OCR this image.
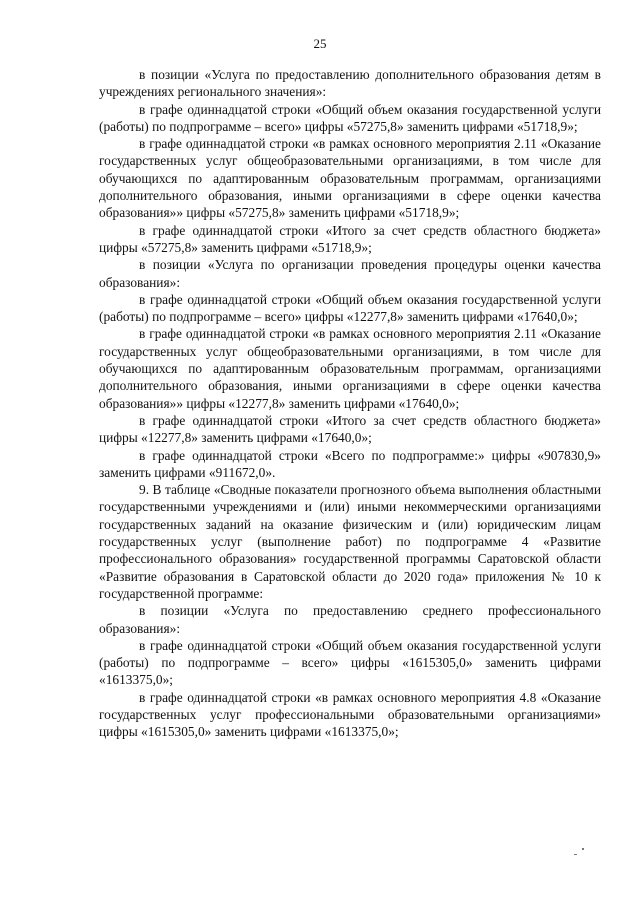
25

в позиции «Услуга по предоставлению дополнительного образования детям в учреждениях регионального значения»:

в графе одиннадцатой строки «Общий объем оказания государственной услуги (работы) по подпрограмме – всего» цифры «57275,8» заменить цифрами «51718,9»;

в графе одиннадцатой строки «в рамках основного мероприятия 2.11 «Оказание государственных услуг общеобразовательными организациями, в том числе для обучающихся по адаптированным образовательным программам, организациями дополнительного образования, иными организациями в сфере оценки качества образования»» цифры «57275,8» заменить цифрами «51718,9»;

в графе одиннадцатой строки «Итого за счет средств областного бюджета» цифры «57275,8» заменить цифрами «51718,9»;

в позиции «Услуга по организации проведения процедуры оценки качества образования»:

в графе одиннадцатой строки «Общий объем оказания государственной услуги (работы) по подпрограмме – всего» цифры «12277,8» заменить цифрами «17640,0»;

в графе одиннадцатой строки «в рамках основного мероприятия 2.11 «Оказание государственных услуг общеобразовательными организациями, в том числе для обучающихся по адаптированным образовательным программам, организациями дополнительного образования, иными организациями в сфере оценки качества образования»» цифры «12277,8» заменить цифрами «17640,0»;

в графе одиннадцатой строки «Итого за счет средств областного бюджета» цифры «12277,8» заменить цифрами «17640,0»;

в графе одиннадцатой строки «Всего по подпрограмме:» цифры «907830,9» заменить цифрами «911672,0».

9. В таблице «Сводные показатели прогнозного объема выполнения областными государственными учреждениями и (или) иными некоммерческими организациями государственных заданий на оказание физическим и (или) юридическим лицам государственных услуг (выполнение работ) по подпрограмме 4 «Развитие профессионального образования» государственной программы Саратовской области «Развитие образования в Саратовской области до 2020 года» приложения № 10 к государственной программе:

в позиции «Услуга по предоставлению среднего профессионального образования»:

в графе одиннадцатой строки «Общий объем оказания государственной услуги (работы) по подпрограмме – всего» цифры «1615305,0» заменить цифрами «1613375,0»;

в графе одиннадцатой строки «в рамках основного мероприятия 4.8 «Оказание государственных услуг профессиональными образовательными организациями» цифры «1615305,0» заменить цифрами «1613375,0»;
